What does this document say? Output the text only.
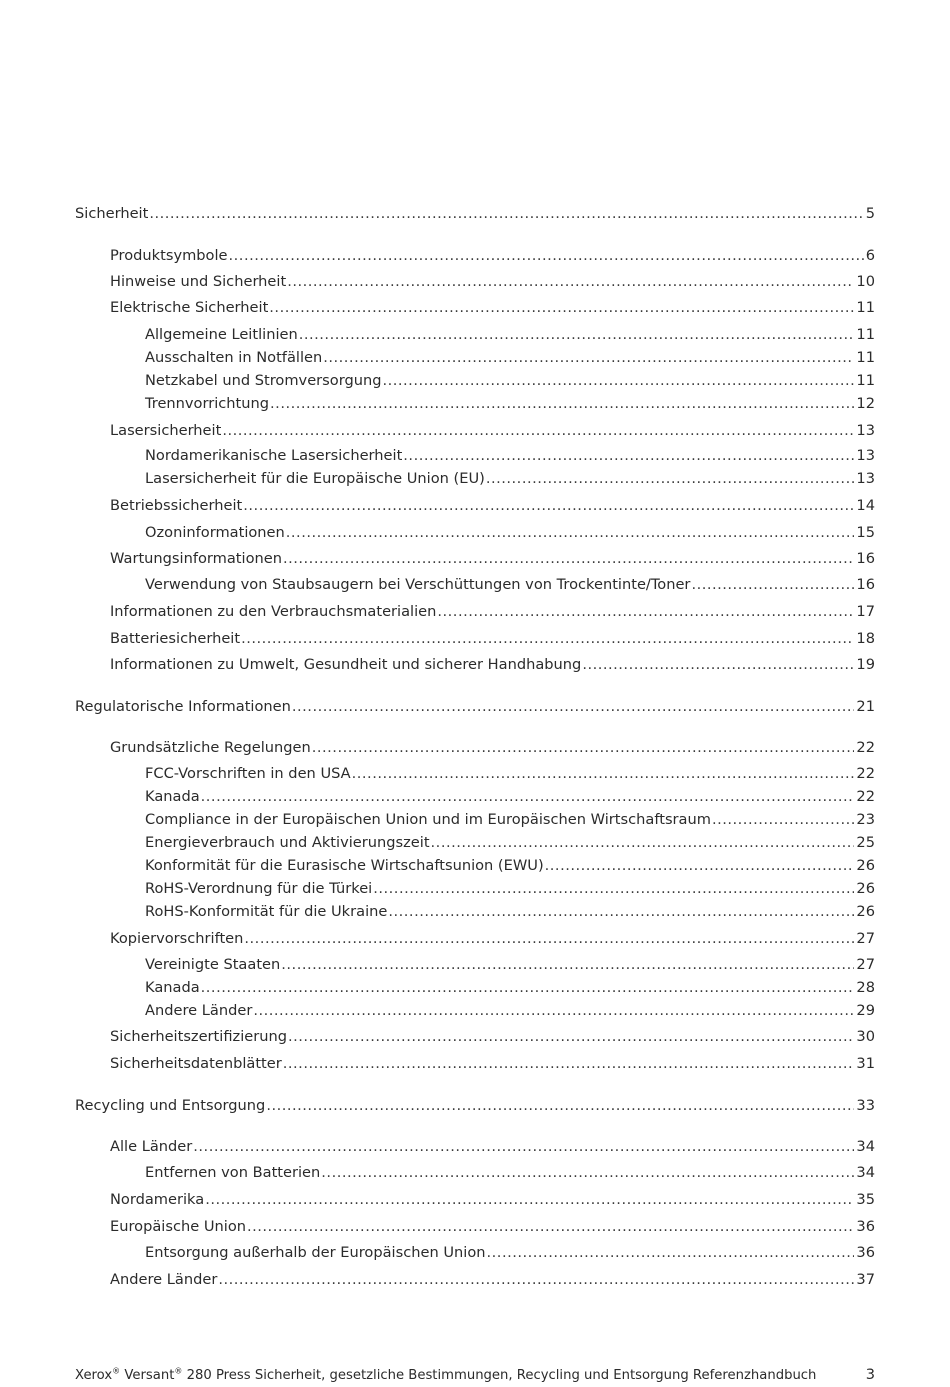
Sicherheit .....	5
Produktsymbole .....	6
Hinweise und Sicherheit .....	10
Elektrische Sicherheit .....	11
Allgemeine Leitlinien .....	11
Ausschalten in Notfällen .....	11
Netzkabel und Stromversorgung .....	11
Trennvorrichtung .....	12
Lasersicherheit .....	13
Nordamerikanische Lasersicherheit .....	13
Lasersicherheit für die Europäische Union (EU) .....	13
Betriebssicherheit .....	14
Ozoninformationen .....	15
Wartungsinformationen .....	16
Verwendung von Staubsaugern bei Verschüttungen von Trockentinte/Toner .....	16
Informationen zu den Verbrauchsmaterialien .....	17
Batteriesicherheit .....	18
Informationen zu Umwelt, Gesundheit und sicherer Handhabung .....	19
Regulatorische Informationen .....	21
Grundsätzliche Regelungen .....	22
FCC-Vorschriften in den USA .....	22
Kanada .....	22
Compliance in der Europäischen Union und im Europäischen Wirtschaftsraum .....	23
Energieverbrauch und Aktivierungszeit .....	25
Konformität für die Eurasische Wirtschaftsunion (EWU) .....	26
RoHS-Verordnung für die Türkei .....	26
RoHS-Konformität für die Ukraine .....	26
Kopiervorschriften .....	27
Vereinigte Staaten .....	27
Kanada .....	28
Andere Länder .....	29
Sicherheitszertifizierung .....	30
Sicherheitsdatenblätter .....	31
Recycling und Entsorgung .....	33
Alle Länder .....	34
Entfernen von Batterien .....	34
Nordamerika .....	35
Europäische Union .....	36
Entsorgung außerhalb der Europäischen Union .....	36
Andere Länder .....	37
Xerox® Versant® 280 Press Sicherheit, gesetzliche Bestimmungen, Recycling und Entsorgung Referenzhandbuch	3
